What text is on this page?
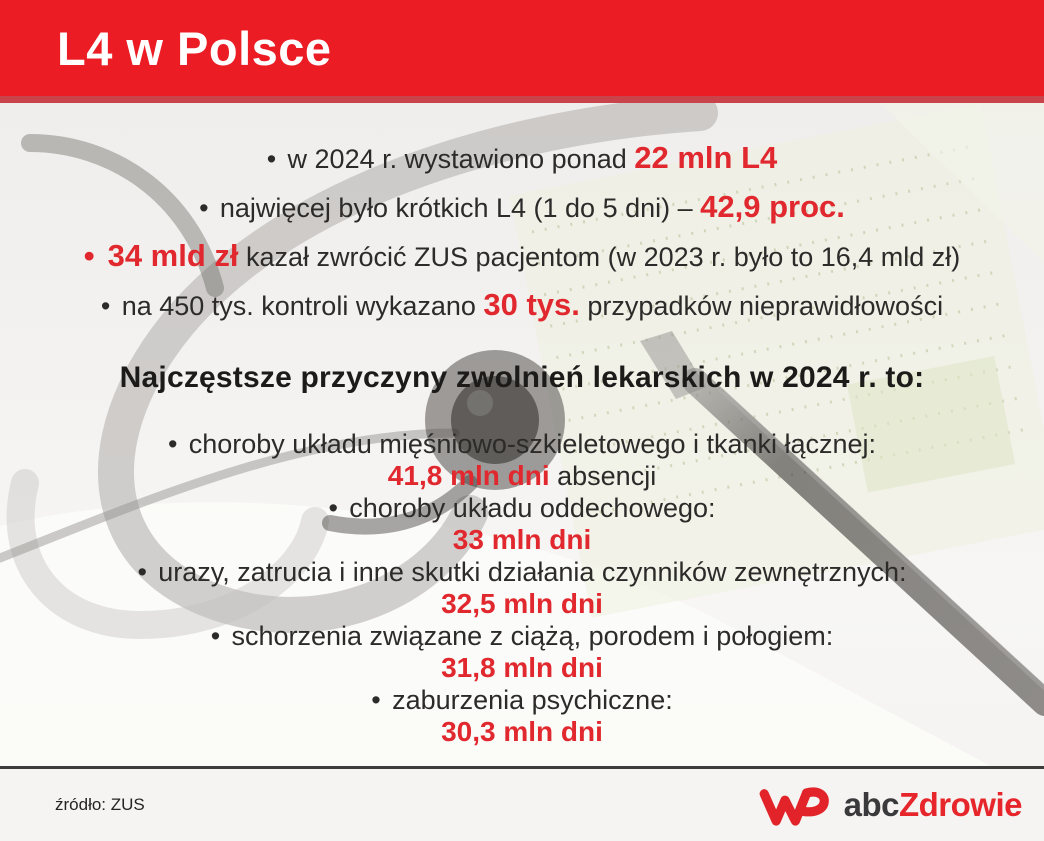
L4 w Polsce
• w 2024 r. wystawiono ponad 22 mln L4
• najwięcej było krótkich L4 (1 do 5 dni) – 42,9 proc.
• 34 mld zł kazał zwrócić ZUS pacjentom (w 2023 r. było to 16,4 mld zł)
• na 450 tys. kontroli wykazano 30 tys. przypadków nieprawidłowości
Najczęstsze przyczyny zwolnień lekarskich w 2024 r. to:
• choroby układu mięśniowo-szkieletowego i tkanki łącznej:
41,8 mln dni absencji
• choroby układu oddechowego:
33 mln dni
• urazy, zatrucia i inne skutki działania czynników zewnętrznych:
32,5 mln dni
• schorzenia związane z ciążą, porodem i połogiem:
31,8 mln dni
• zaburzenia psychiczne:
30,3 mln dni
źródło: ZUS	abc Zdrowie
